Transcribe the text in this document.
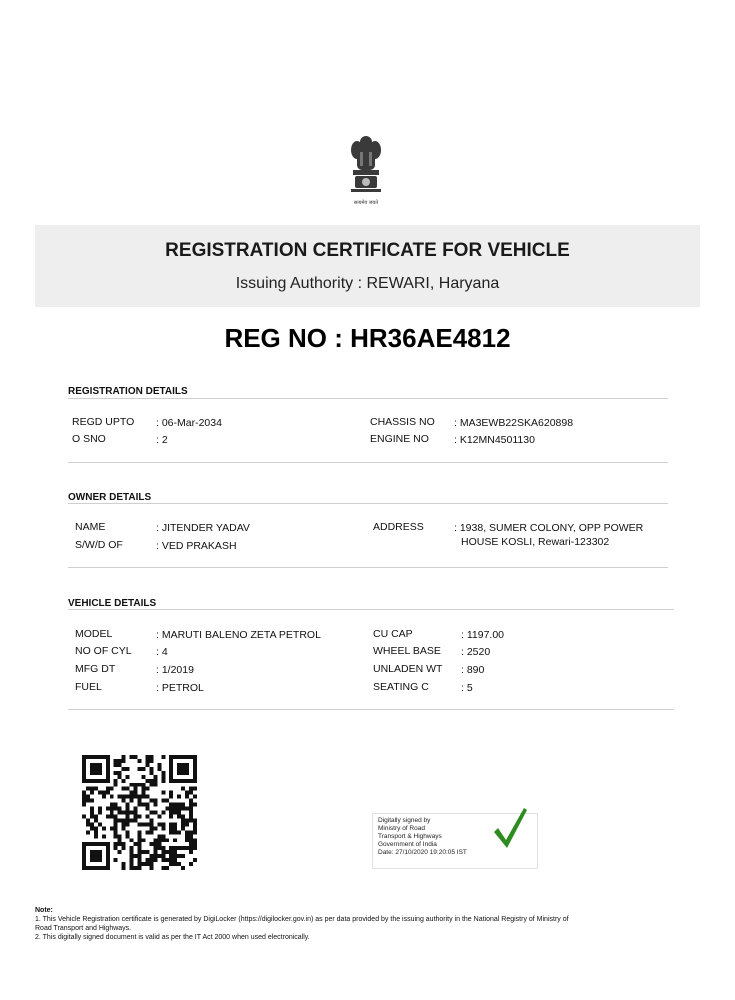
सत्यमेव जयते
REGISTRATION CERTIFICATE FOR VEHICLE
Issuing Authority : REWARI, Haryana
REG NO : HR36AE4812
REGISTRATION DETAILS
REGD UPTO : 06-Mar-2034
O SNO	: 2
CHASSIS NO : MA3EWB22SKA620898
ENGINE NO : K12MN4501130
OWNER DETAILS
NAME	: JITENDER YADAV
S/W/D OF	: VED PRAKASH
ADDRESS	: 1938, SUMER COLONY, OPP POWER
HOUSE KOSLI, Rewari-123302
VEHICLE DETAILS
MODEL	: MARUTI BALENO ZETA PETROL
NO OF CYL : 4
MFG DT	: 1/2019
FUEL	: PETROL
CU CAP	: 1197.00
WHEEL BASE : 2520
UNLADEN WT : 890
SEATING C	: 5
Digitally signed by
Ministry of Road
Transport & Highways
Government of India
Date: 27/10/2020 19:20:05 IST
Note:
1. This Vehicle Registration certificate is generated by DigiLocker (https://digilocker.gov.in) as per data provided by the issuing authority in the National Registry of Ministry of
Road Transport and Highways.
2. This digitally signed document is valid as per the IT Act 2000 when used electronically.
